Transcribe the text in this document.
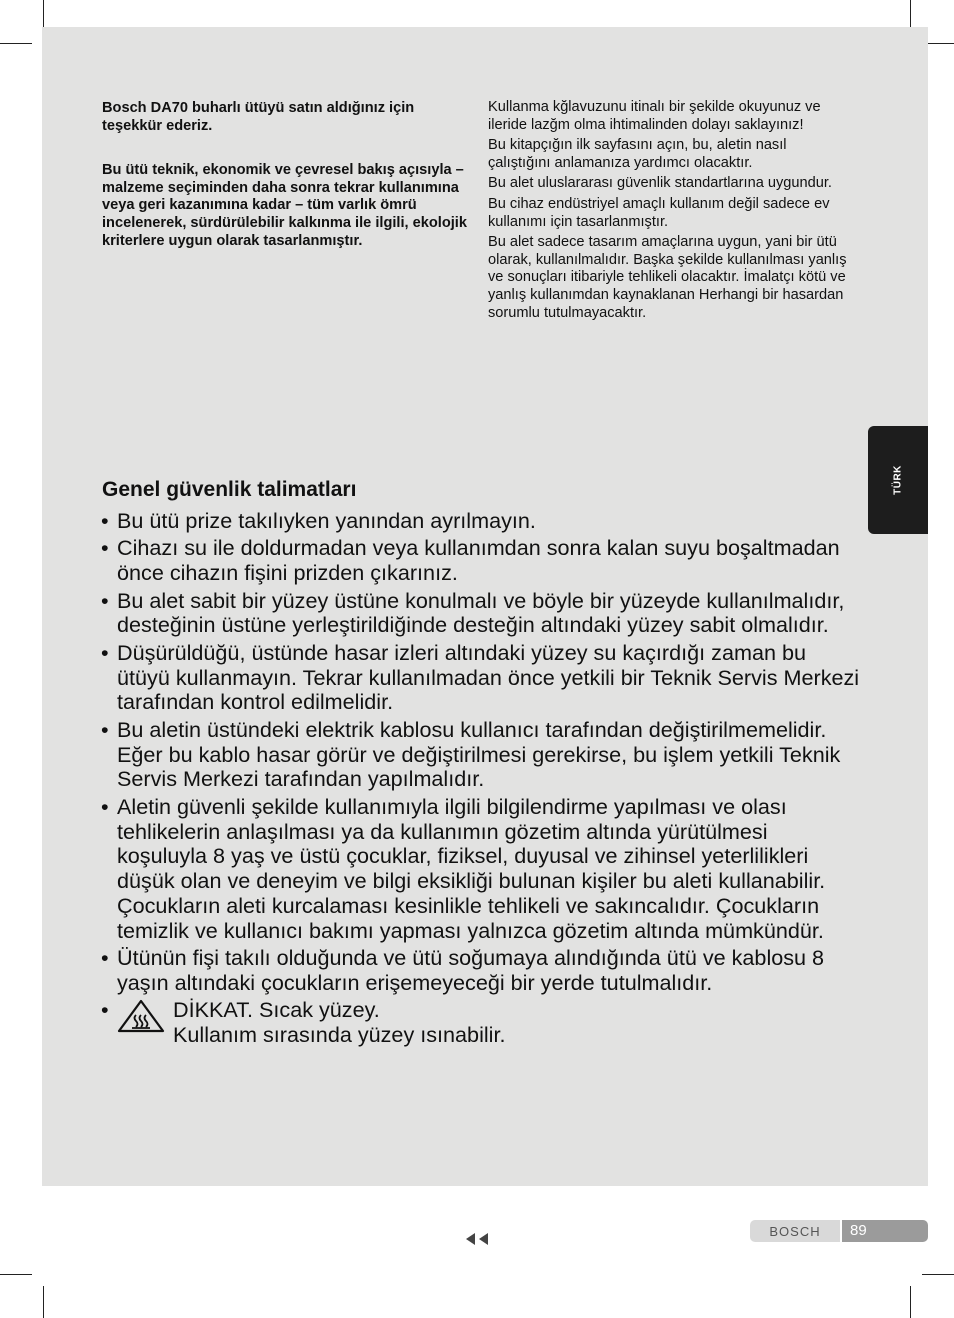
Bosch DA70 buharlı ütüyü satın aldığınız için teşekkür ederiz.

Bu ütü teknik, ekonomik ve çevresel bakış açısıyla – malzeme seçiminden daha sonra tekrar kullanımına veya geri kazanımına kadar – tüm varlık ömrü incelenerek, sürdürülebilir kalkınma ile ilgili, ekolojik kriterlere uygun olarak tasarlanmıştır.

Kullanma kğlavuzunu itinalı bir şekilde okuyunuz ve ileride lazğm olma ihtimalinden dolayı saklayınız!

Bu kitapçığın ilk sayfasını açın, bu, aletin nasıl çalıştığını anlamanıza yardımcı olacaktır.

Bu alet uluslararası güvenlik standartlarına uygundur.

Bu cihaz endüstriyel amaçlı kullanım değil sadece ev kullanımı için tasarlanmıştır.

Bu alet sadece tasarım amaçlarına uygun, yani bir ütü olarak, kullanılmalıdır. Başka şekilde kullanılması yanlış ve sonuçları itibariyle tehlikeli olacaktır. İmalatçı kötü ve yanlış kullanımdan kaynaklanan Herhangi bir hasardan sorumlu tutulmayacaktır.

Genel güvenlik talimatları
• Bu ütü prize takılıyken yanından ayrılmayın.
• Cihazı su ile doldurmadan veya kullanımdan sonra kalan suyu boşaltmadan önce cihazın fişini prizden çıkarınız.
• Bu alet sabit bir yüzey üstüne konulmalı ve böyle bir yüzeyde kullanılmalıdır, desteğinin üstüne yerleştirildiğinde desteğin altındaki yüzey sabit olmalıdır.
• Düşürüldüğü, üstünde hasar izleri altındaki yüzey su kaçırdığı zaman bu ütüyü kullanmayın. Tekrar kullanılmadan önce yetkili bir Teknik Servis Merkezi tarafından kontrol edilmelidir.
• Bu aletin üstündeki elektrik kablosu kullanıcı tarafından değiştirilmemelidir. Eğer bu kablo hasar görür ve değiştirilmesi gerekirse, bu işlem yetkili Teknik Servis Merkezi tarafından yapılmalıdır.
• Aletin güvenli şekilde kullanımıyla ilgili bilgilendirme yapılması ve olası tehlikelerin anlaşılması ya da kullanımın gözetim altında yürütülmesi koşuluyla 8 yaş ve üstü çocuklar, fiziksel, duyusal ve zihinsel yeterlilikleri düşük olan ve deneyim ve bilgi eksikliği bulunan kişiler bu aleti kullanabilir. Çocukların aleti kurcalaması kesinlikle tehlikeli ve sakıncalıdır. Çocukların temizlik ve kullanıcı bakımı yapması yalnızca gözetim altında mümkündür.
• Ütünün fişi takılı olduğunda ve ütü soğumaya alındığında ütü ve kablosu 8 yaşın altındaki çocukların erişemeyeceği bir yerde tutulmalıdır.
• DİKKAT. Sıcak yüzey.
Kullanım sırasında yüzey ısınabilir.
TÜRK
BOSCH	89
